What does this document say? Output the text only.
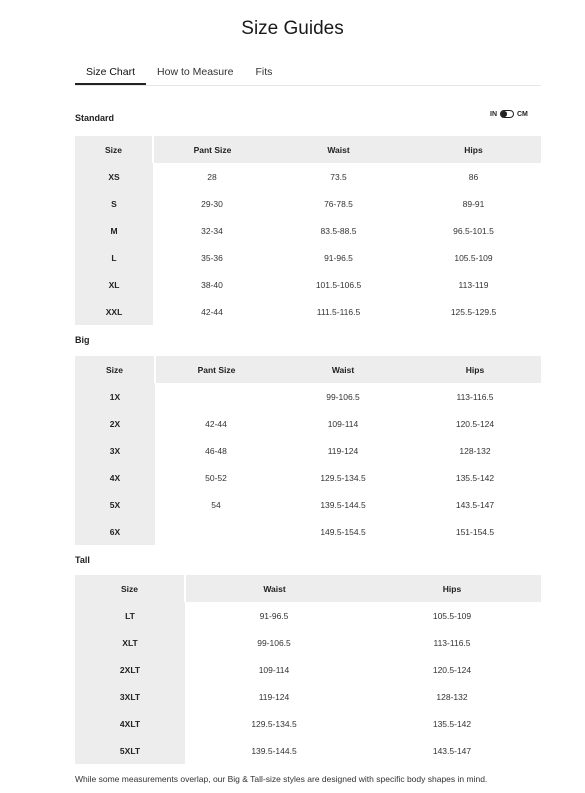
Size Guides
Size Chart	How to Measure	Fits
Standard	IN	CM
Size	Pant Size	Waist	Hips
XS	28	73.5	86
S	29-30	76-78.5	89-91
M	32-34	83.5-88.5	96.5-101.5
L	35-36	91-96.5	105.5-109
XL	38-40	101.5-106.5	113-119
XXL	42-44	111.5-116.5	125.5-129.5
Big
Size	Pant Size	Waist	Hips
1X		99-106.5	113-116.5
2X	42-44	109-114	120.5-124
3X	46-48	119-124	128-132
4X	50-52	129.5-134.5	135.5-142
5X	54	139.5-144.5	143.5-147
6X		149.5-154.5	151-154.5
Tall
Size	Waist	Hips
LT	91-96.5	105.5-109
XLT	99-106.5	113-116.5
2XLT	109-114	120.5-124
3XLT	119-124	128-132
4XLT	129.5-134.5	135.5-142
5XLT	139.5-144.5	143.5-147
While some measurements overlap, our Big & Tall-size styles are designed with specific body shapes in mind.
